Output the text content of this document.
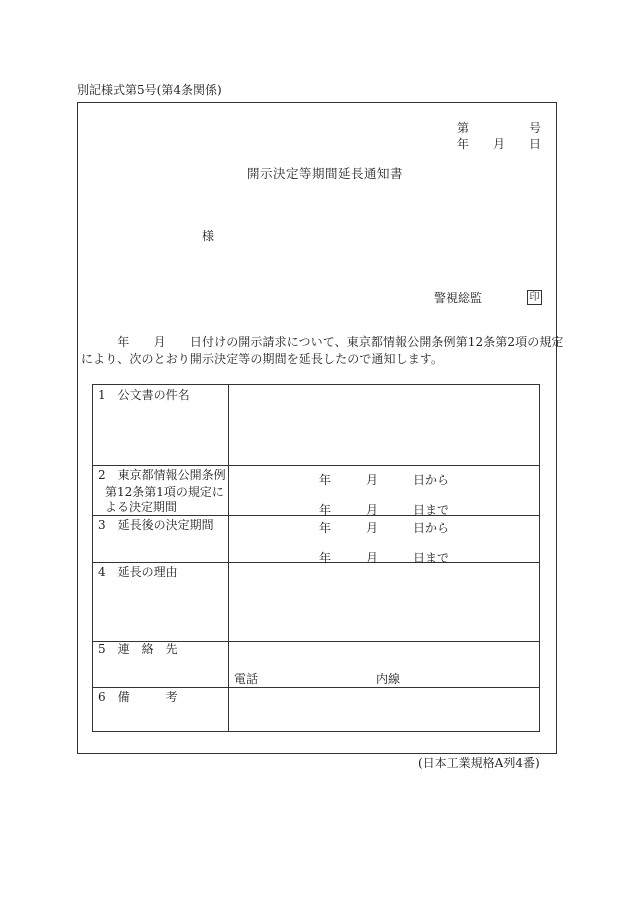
別記様式第5号(第4条関係)
第	号
年 月 日
開示決定等期間延長通知書
様
警視総監	印
　　　年　　月　　日付けの開示請求について、東京都情報公開条例第12条第2項の規定
により、次のとおり開示決定等の期間を延長したので通知します。
1　公文書の件名
2　東京都情報公開条例
第12条第1項の規定に
よる決定期間
年	月	日から
年	月	日まで
3　延長後の決定期間	年	月	日から
年	月	日まで
4　延長の理由
5　連　絡　先
電話	内線
6　備　　　考
(日本工業規格A列4番)
